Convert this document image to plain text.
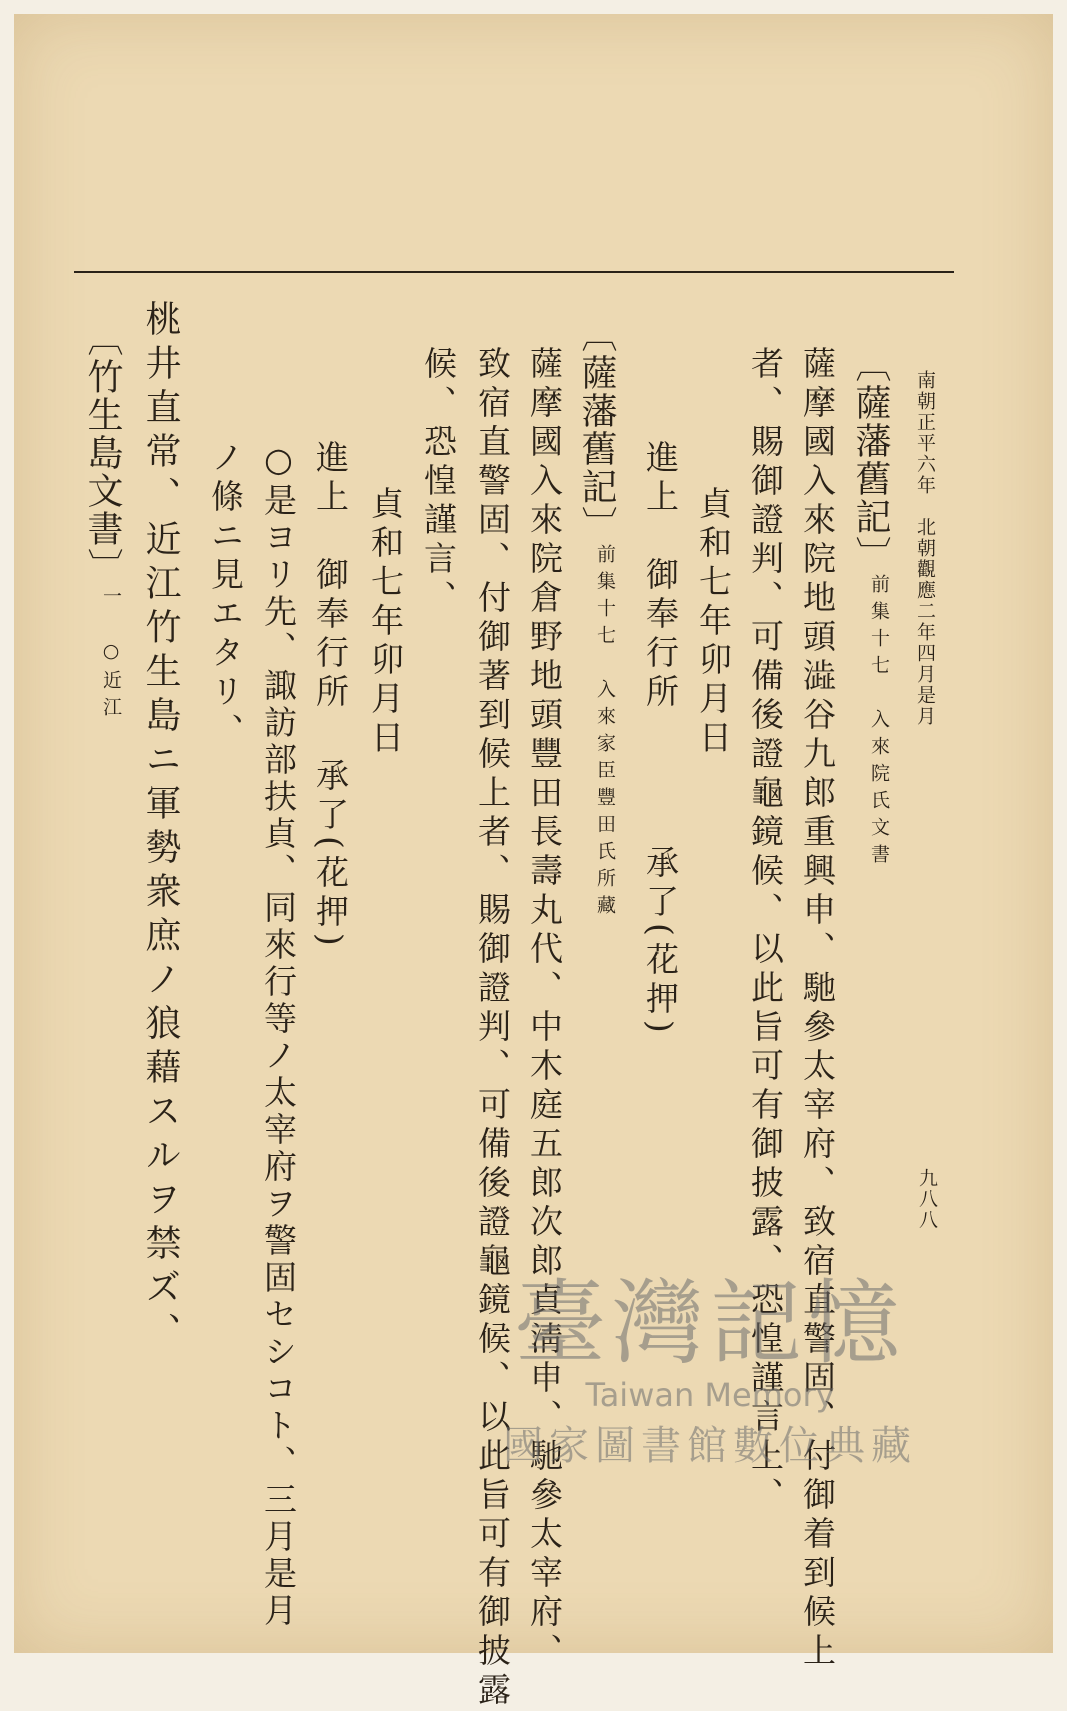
南朝正平六年　北朝觀應二年四月是月
九八八
〔薩藩舊記〕前集十七　入來院氏文書
薩摩國入來院地頭澁谷九郎重興申、馳參太宰府、致宿直警固、付御着到候上
者、賜御證判、可備後證龜鏡候、以此旨可有御披露、恐惶謹言上、
貞和七年卯月日
進上　御奉行所
承了(花押)
〔薩藩舊記〕前集十七　入來家臣豐田氏所藏
薩摩國入來院倉野地頭豐田長壽丸代、中木庭五郎次郎貞淸申、馳參太宰府、
致宿直警固、付御著到候上者、賜御證判、可備後證龜鏡候、以此旨可有御披露
候、恐惶謹言、
貞和七年卯月日
進上　御奉行所
承了(花押)
○是ヨリ先、諏訪部扶貞、同來行等ノ太宰府ヲ警固セシコト、三月是月
ノ條ニ見エタリ、
桃井直常、近江竹生島ニ軍勢衆庶ノ狼藉スルヲ禁ズ、
〔竹生島文書〕一　○近江
臺灣記憶
Taiwan Memory
國家圖書館數位典藏
